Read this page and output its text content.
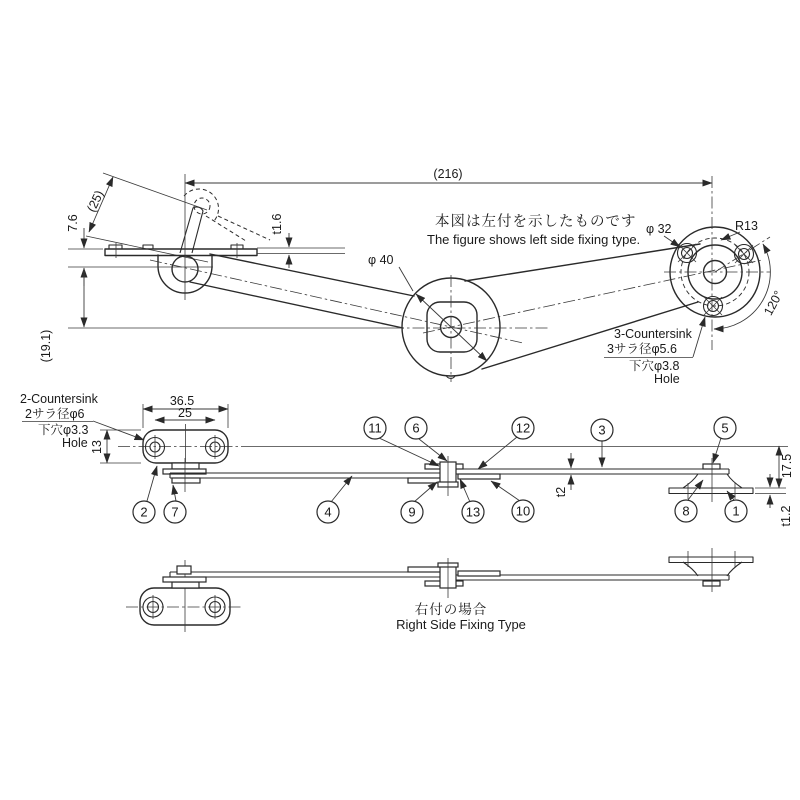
(216)
(25)
7.6
(19.1)
t1.6
φ 40
φ 32	R13
120°
本図は左付を示したものです
The figure shows left side fixing type.
3-Countersink
3サラ径φ5.6
下穴φ3.8
Hole
36.5
25
13
t2
17.5
t1.2
2-Countersink
2サラ径φ6
下穴φ3.3
Hole
2 7	4	9	13	10
11 6	12	3	5
8	1
右付の場合
Right Side Fixing Type
